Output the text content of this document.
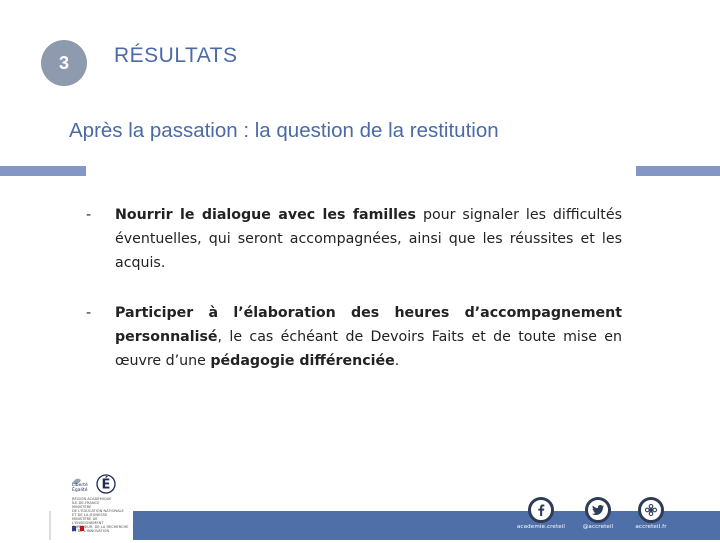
3 RÉSULTATS
Après la passation : la question de la restitution
- Nourrir le dialogue avec les familles pour signaler les difficultés éventuelles, qui seront accompagnées, ainsi que les réussites et les acquis.
- Participer à l’élaboration des heures d’accompagnement personnalisé, le cas échéant de Devoirs Faits et de toute mise en œuvre d’une pédagogie différenciée.
Liberté
Égalité É
RÉGION ACADÉMIQUE
ÎLE-DE-FRANCE
MINISTÈRE
DE L'ÉDUCATION NATIONALE
ET DE LA JEUNESSE
MINISTÈRE DE L'ENSEIGNEMENT
SUPÉRIEUR, DE LA RECHERCHE
ET DE L'INNOVATION
academie.creteil	@accreteil	accreteil.fr
